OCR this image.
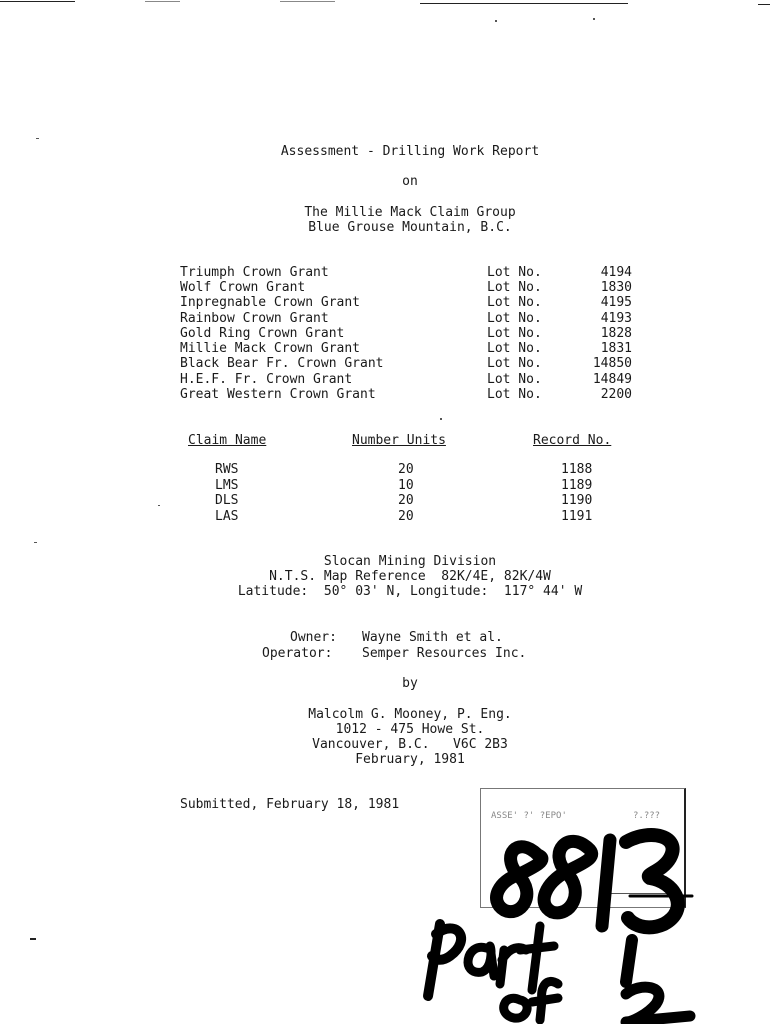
Assessment - Drilling Work Report
on
The Millie Mack Claim Group
Blue Grouse Mountain, B.C.
Triumph Crown Grant	Lot No.	4194
Wolf Crown Grant	Lot No.	1830
Inpregnable Crown Grant	Lot No.	4195
Rainbow Crown Grant	Lot No.	4193
Gold Ring Crown Grant	Lot No.	1828
Millie Mack Crown Grant	Lot No.	1831
Black Bear Fr. Crown Grant	Lot No.	14850
H.E.F. Fr. Crown Grant	Lot No.	14849
Great Western Crown Grant	Lot No.	2200
Claim Name	Number Units	Record No.
RWS	20	1188
LMS	10	1189
DLS	20	1190
LAS	20	1191
Slocan Mining Division
N.T.S. Map Reference  82K/4E, 82K/4W
Latitude:  50° 03' N, Longitude:  117° 44' W
Owner: Wayne Smith et al.
Operator: Semper Resources Inc.
by
Malcolm G. Mooney, P. Eng.
1012 - 475 Howe St.
Vancouver, B.C.   V6C 2B3
February, 1981
Submitted, February 18, 1981
ASSE' ?' ?EPO'	?.???
N
